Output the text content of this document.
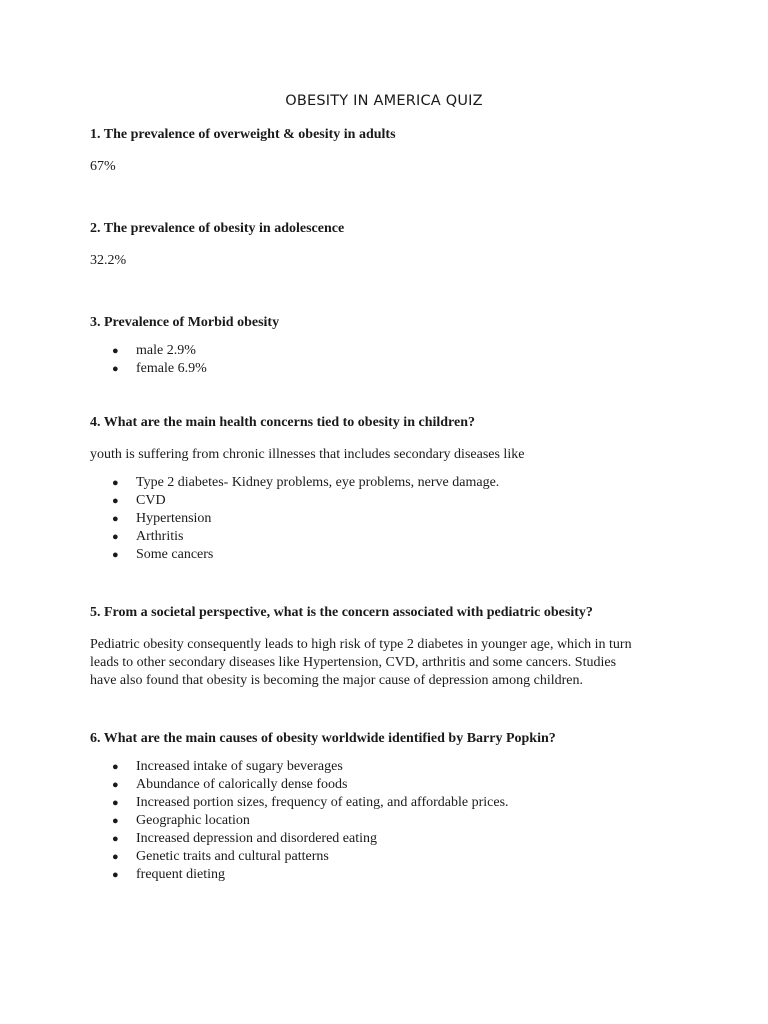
OBESITY IN AMERICA QUIZ

1. The prevalence of overweight & obesity in adults

67%

2. The prevalence of obesity in adolescence

32.2%

3. Prevalence of Morbid obesity

● male 2.9%
● female 6.9%

4. What are the main health concerns tied to obesity in children?

youth is suffering from chronic illnesses that includes secondary diseases like

● Type 2 diabetes- Kidney problems, eye problems, nerve damage.
● CVD
● Hypertension
● Arthritis
● Some cancers

5. From a societal perspective, what is the concern associated with pediatric obesity?

Pediatric obesity consequently leads to high risk of type 2 diabetes in younger age, which in turn
leads to other secondary diseases like Hypertension, CVD, arthritis and some cancers. Studies
have also found that obesity is becoming the major cause of depression among children.

6. What are the main causes of obesity worldwide identified by Barry Popkin?

● Increased intake of sugary beverages
● Abundance of calorically dense foods
● Increased portion sizes, frequency of eating, and affordable prices.
● Geographic location
● Increased depression and disordered eating
● Genetic traits and cultural patterns
● frequent dieting
